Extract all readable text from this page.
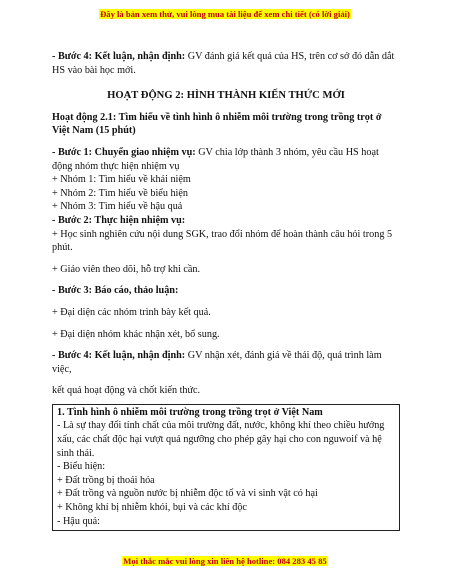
Đây là bản xem thử, vui lòng mua tài liệu để xem chi tiết (có lời giải)

- Bước 4: Kết luận, nhận định: GV đánh giá kết quả của HS, trên cơ sở đó dẫn dắt HS vào bài học mới.

HOẠT ĐỘNG 2: HÌNH THÀNH KIẾN THỨC MỚI

Hoạt động 2.1: Tìm hiểu về tình hình ô nhiễm môi trường trong trồng trọt ở Việt Nam (15 phút)

- Bước 1: Chuyển giao nhiệm vụ: GV chia lớp thành 3 nhóm, yêu cầu HS hoạt động nhóm thực hiện nhiệm vụ

+ Nhóm 1: Tìm hiểu về khái niệm

+ Nhóm 2: Tìm hiểu về biểu hiện

+ Nhóm 3: Tìm hiểu về hậu quả

- Bước 2: Thực hiện nhiệm vụ:

+ Học sinh nghiên cứu nội dung SGK, trao đổi nhóm để hoàn thành câu hỏi trong 5 phút.

+ Giáo viên theo dõi, hỗ trợ khi cần.

- Bước 3: Báo cáo, thảo luận:

+ Đại diện các nhóm trình bày kết quả.

+ Đại diện nhóm khác nhận xét, bổ sung.

- Bước 4: Kết luận, nhận định: GV nhận xét, đánh giá về thái độ, quá trình làm việc,

kết quả hoạt động và chốt kiến thức.

1. Tình hình ô nhiễm môi trường trong trồng trọt ở Việt Nam

- Là sự thay đổi tính chất của môi trường đất, nước, không khí theo chiều hướng xấu, các chất độc hại vượt quá ngưỡng cho phép gây hại cho con nguwoif và hệ sinh thái.

- Biểu hiện:

+ Đất trồng bị thoái hóa

+ Đất trồng và nguồn nước bị nhiễm độc tố và vi sinh vật có hại

+ Không khí bị nhiễm khói, bụi và các khí độc

- Hậu quả:

Mọi thắc mắc vui lòng xin liên hệ hotline: 084 283 45 85
